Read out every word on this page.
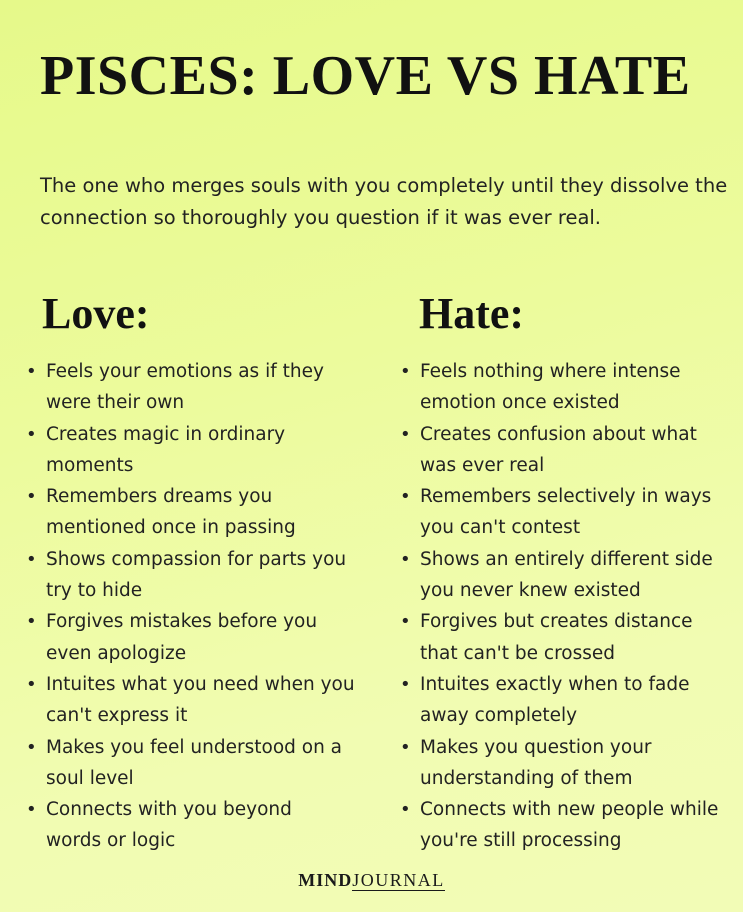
PISCES: LOVE VS HATE

The one who merges souls with you completely until they dissolve the connection so thoroughly you question if it was ever real.

Love:
• Feels your emotions as if they
were their own
• Creates magic in ordinary
moments
• Remembers dreams you
mentioned once in passing
• Shows compassion for parts you
try to hide
• Forgives mistakes before you
even apologize
• Intuites what you need when you
can't express it
• Makes you feel understood on a
soul level
• Connects with you beyond
words or logic
Hate:
• Feels nothing where intense
emotion once existed
• Creates confusion about what
was ever real
• Remembers selectively in ways
you can't contest
• Shows an entirely different side
you never knew existed
• Forgives but creates distance
that can't be crossed
• Intuites exactly when to fade
away completely
• Makes you question your
understanding of them
• Connects with new people while
you're still processing
MINDJOURNAL
